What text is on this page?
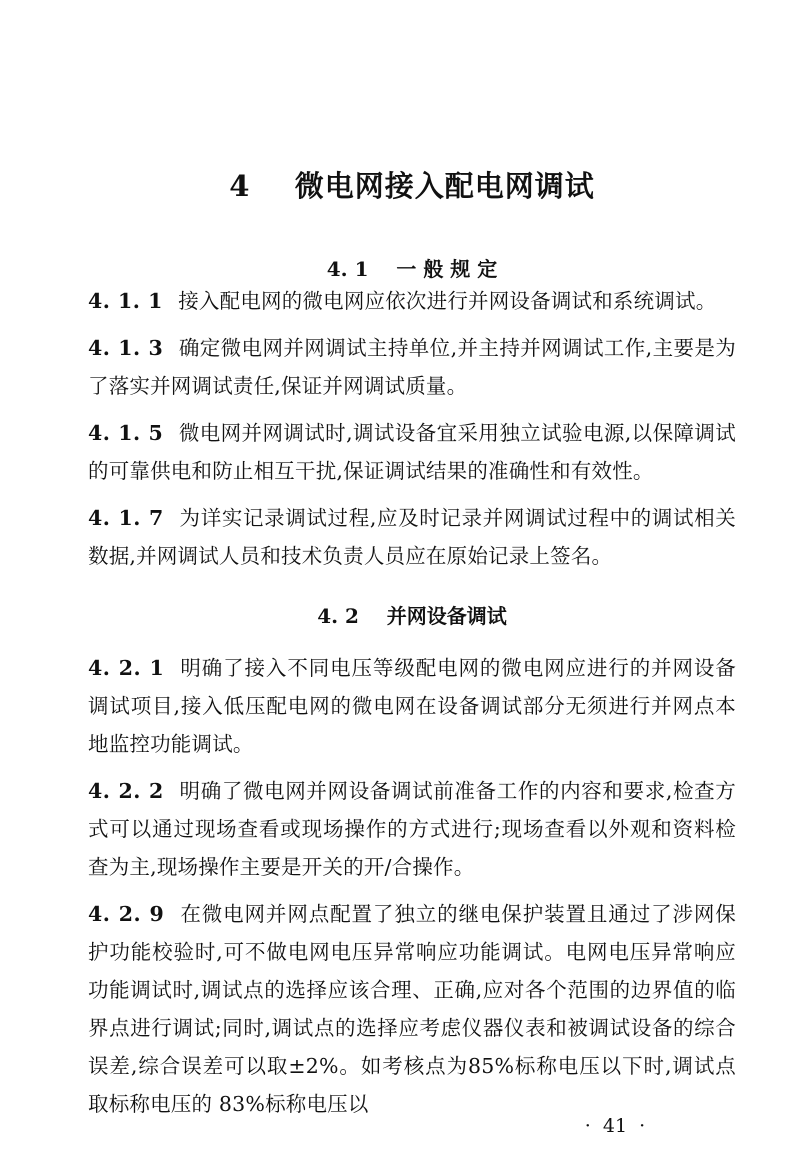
4    微电网接入配电网调试
4. 1    一 般 规 定

4. 1. 1 接入配电网的微电网应依次进行并网设备调试和系统调试。

4. 1. 3 确定微电网并网调试主持单位,并主持并网调试工作,主要是为了落实并网调试责任,保证并网调试质量。

4. 1. 5 微电网并网调试时,调试设备宜采用独立试验电源,以保障调试的可靠供电和防止相互干扰,保证调试结果的准确性和有效性。

4. 1. 7 为详实记录调试过程,应及时记录并网调试过程中的调试相关数据,并网调试人员和技术负责人员应在原始记录上签名。

4. 2    并网设备调试

4. 2. 1 明确了接入不同电压等级配电网的微电网应进行的并网设备调试项目,接入低压配电网的微电网在设备调试部分无须进行并网点本地监控功能调试。

4. 2. 2 明确了微电网并网设备调试前准备工作的内容和要求,检查方式可以通过现场查看或现场操作的方式进行;现场查看以外观和资料检查为主,现场操作主要是开关的开/合操作。

4. 2. 9 在微电网并网点配置了独立的继电保护装置且通过了涉网保护功能校验时,可不做电网电压异常响应功能调试。电网电压异常响应功能调试时,调试点的选择应该合理、正确,应对各个范围的边界值的临界点进行调试;同时,调试点的选择应考虑仪器仪表和被调试设备的综合误差,综合误差可以取±2%。如考核点为85%标称电压以下时,调试点取标称电压的 83%标称电压以

·  41  ·
